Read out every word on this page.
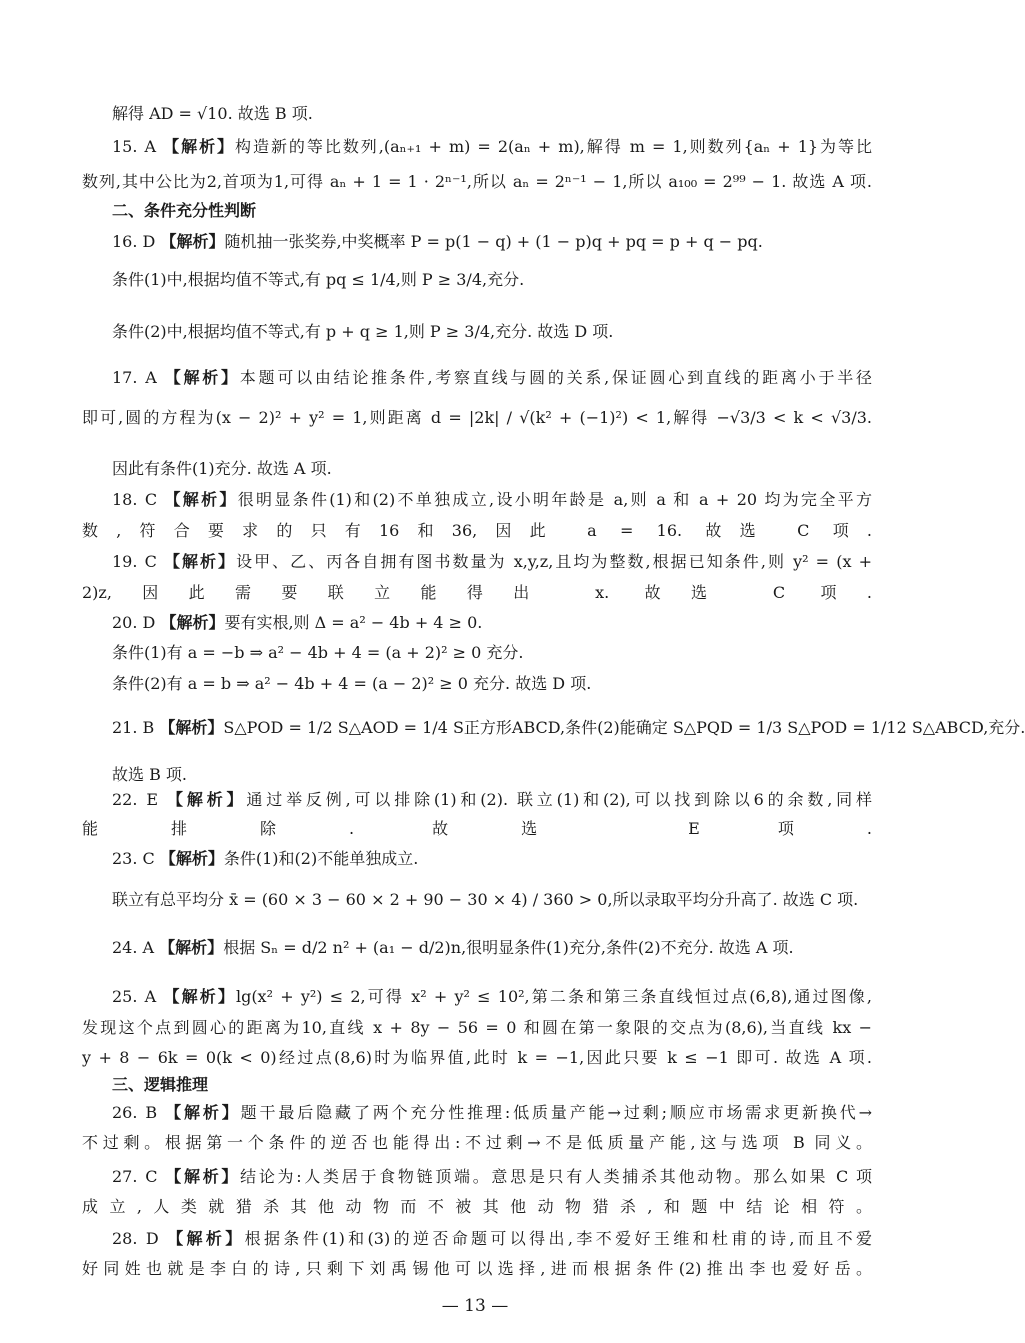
解得 AD = √10. 故选 B 项.
15. A 【解析】构造新的等比数列,(aₙ₊₁ + m) = 2(aₙ + m),解得 m = 1,则数列{aₙ + 1}为等比
数列,其中公比为2,首项为1,可得 aₙ + 1 = 1 · 2ⁿ⁻¹,所以 aₙ = 2ⁿ⁻¹ − 1,所以 a₁₀₀ = 2⁹⁹ − 1. 故选 A 项.
二、条件充分性判断
16. D 【解析】随机抽一张奖券,中奖概率 P = p(1 − q) + (1 − p)q + pq = p + q − pq.
条件(1)中,根据均值不等式,有 pq ≤ 1/4,则 P ≥ 3/4,充分.
条件(2)中,根据均值不等式,有 p + q ≥ 1,则 P ≥ 3/4,充分. 故选 D 项.
17. A 【解析】本题可以由结论推条件,考察直线与圆的关系,保证圆心到直线的距离小于半径
即可,圆的方程为(x − 2)² + y² = 1,则距离 d = |2k| / √(k² + (−1)²) < 1,解得 −√3/3 < k < √3/3.
因此有条件(1)充分. 故选 A 项.
18. C 【解析】很明显条件(1)和(2)不单独成立,设小明年龄是 a,则 a 和 a + 20 均为完全平方
数,符合要求的只有16和36,因此 a = 16. 故选 C 项.
19. C 【解析】设甲、乙、丙各自拥有图书数量为 x,y,z,且均为整数,根据已知条件,则 y² = (x +
2)z,因此需要联立能得出 x. 故选 C 项.
20. D 【解析】要有实根,则 Δ = a² − 4b + 4 ≥ 0.
条件(1)有 a = −b ⇒ a² − 4b + 4 = (a + 2)² ≥ 0 充分.
条件(2)有 a = b ⇒ a² − 4b + 4 = (a − 2)² ≥ 0 充分. 故选 D 项.
21. B 【解析】S△POD = 1/2 S△AOD = 1/4 S正方形ABCD,条件(2)能确定 S△PQD = 1/3 S△POD = 1/12 S△ABCD,充分.
故选 B 项.
22. E 【解析】通过举反例,可以排除(1)和(2). 联立(1)和(2),可以找到除以6的余数,同样
能排除. 故选 E 项.
23. C 【解析】条件(1)和(2)不能单独成立.
联立有总平均分 x̄ = (60 × 3 − 60 × 2 + 90 − 30 × 4) / 360 > 0,所以录取平均分升高了. 故选 C 项.
24. A 【解析】根据 Sₙ = d/2 n² + (a₁ − d/2)n,很明显条件(1)充分,条件(2)不充分. 故选 A 项.
25. A 【解析】lg(x² + y²) ≤ 2,可得 x² + y² ≤ 10²,第二条和第三条直线恒过点(6,8),通过图像,
发现这个点到圆心的距离为10,直线 x + 8y − 56 = 0 和圆在第一象限的交点为(8,6),当直线 kx −
y + 8 − 6k = 0(k < 0)经过点(8,6)时为临界值,此时 k = −1,因此只要 k ≤ −1 即可. 故选 A 项.
三、逻辑推理
26. B 【解析】题干最后隐藏了两个充分性推理:低质量产能→过剩;顺应市场需求更新换代→
不过剩。根据第一个条件的逆否也能得出:不过剩→不是低质量产能,这与选项 B 同义。
27. C 【解析】结论为:人类居于食物链顶端。意思是只有人类捕杀其他动物。那么如果 C 项
成立,人类就猎杀其他动物而不被其他动物猎杀,和题中结论相符。
28. D 【解析】根据条件(1)和(3)的逆否命题可以得出,李不爱好王维和杜甫的诗,而且不爱
好同姓也就是李白的诗,只剩下刘禹锡他可以选择,进而根据条件(2)推出李也爱好岳。
— 13 —
